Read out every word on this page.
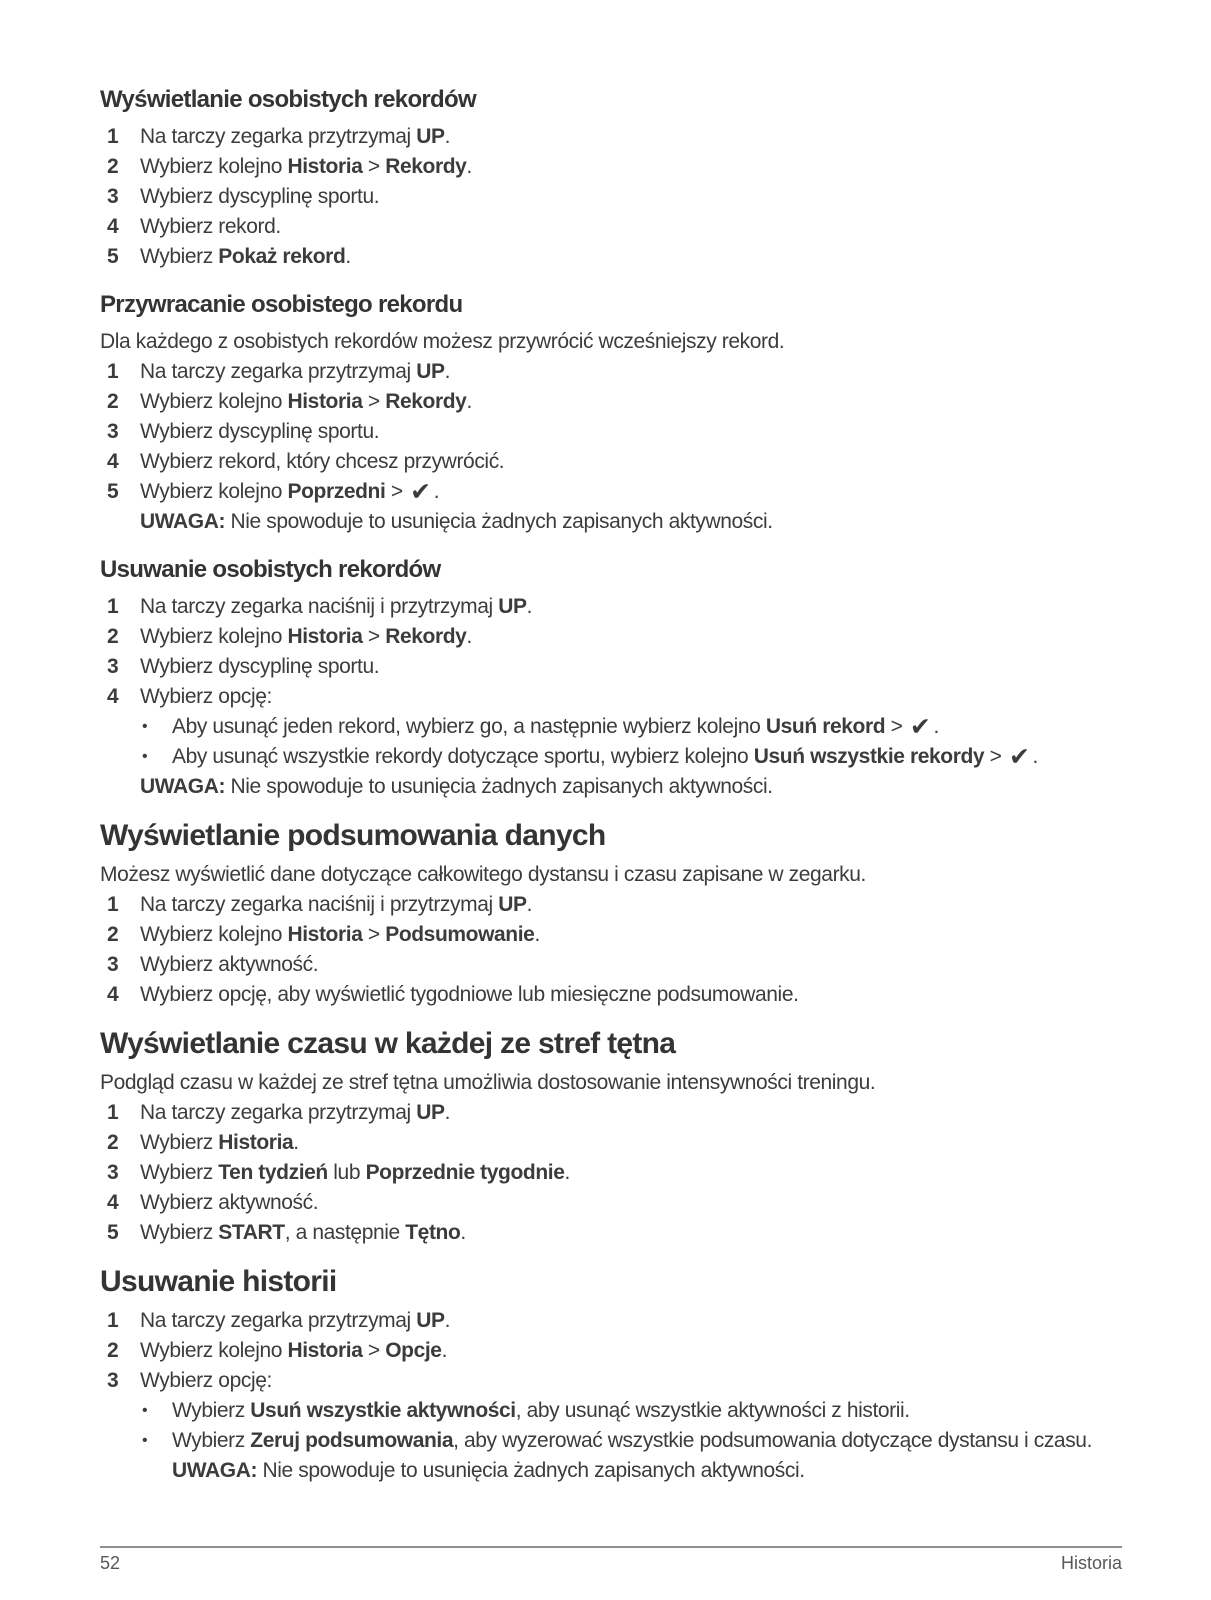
Wyświetlanie osobistych rekordów
1	Na tarczy zegarka przytrzymaj UP.
2	Wybierz kolejno Historia > Rekordy.
3	Wybierz dyscyplinę sportu.
4	Wybierz rekord.
5	Wybierz Pokaż rekord.
Przywracanie osobistego rekordu
Dla każdego z osobistych rekordów możesz przywrócić wcześniejszy rekord.
1	Na tarczy zegarka przytrzymaj UP.
2	Wybierz kolejno Historia > Rekordy.
3	Wybierz dyscyplinę sportu.
4	Wybierz rekord, który chcesz przywrócić.
5	Wybierz kolejno Poprzedni > ✔ .
UWAGA: Nie spowoduje to usunięcia żadnych zapisanych aktywności.
Usuwanie osobistych rekordów
1	Na tarczy zegarka naciśnij i przytrzymaj UP.
2	Wybierz kolejno Historia > Rekordy.
3	Wybierz dyscyplinę sportu.
4	Wybierz opcję:
•	Aby usunąć jeden rekord, wybierz go, a następnie wybierz kolejno Usuń rekord > ✔ .
•	Aby usunąć wszystkie rekordy dotyczące sportu, wybierz kolejno Usuń wszystkie rekordy > ✔ .
UWAGA: Nie spowoduje to usunięcia żadnych zapisanych aktywności.
Wyświetlanie podsumowania danych
Możesz wyświetlić dane dotyczące całkowitego dystansu i czasu zapisane w zegarku.
1	Na tarczy zegarka naciśnij i przytrzymaj UP.
2	Wybierz kolejno Historia > Podsumowanie.
3	Wybierz aktywność.
4	Wybierz opcję, aby wyświetlić tygodniowe lub miesięczne podsumowanie.
Wyświetlanie czasu w każdej ze stref tętna
Podgląd czasu w każdej ze stref tętna umożliwia dostosowanie intensywności treningu.
1	Na tarczy zegarka przytrzymaj UP.
2	Wybierz Historia.
3	Wybierz Ten tydzień lub Poprzednie tygodnie.
4	Wybierz aktywność.
5	Wybierz START, a następnie Tętno.
Usuwanie historii
1	Na tarczy zegarka przytrzymaj UP.
2	Wybierz kolejno Historia > Opcje.
3	Wybierz opcję:
•	Wybierz Usuń wszystkie aktywności, aby usunąć wszystkie aktywności z historii.
•	Wybierz Zeruj podsumowania, aby wyzerować wszystkie podsumowania dotyczące dystansu i czasu.
UWAGA: Nie spowoduje to usunięcia żadnych zapisanych aktywności.
52	Historia
